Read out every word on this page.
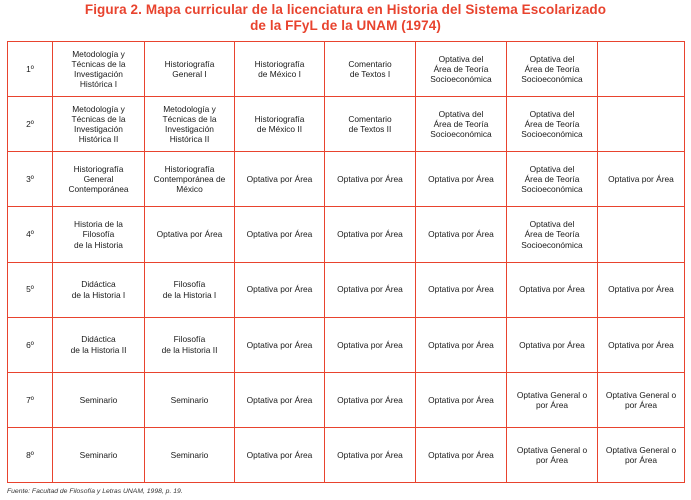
Figura 2. Mapa curricular de la licenciatura en Historia del Sistema Escolarizado
de la FFyL de la UNAM (1974)
1º	Metodología y
Técnicas de la
Investigación
Histórica I	Historiografía
General I	Historiografía
de México I	Comentario
de Textos I	Optativa del
Área de Teoría
Socioeconómica	Optativa del
Área de Teoría
Socioeconómica	
2º	Metodología y
Técnicas de la
Investigación
Histórica II	Metodología y
Técnicas de la
Investigación
Histórica II	Historiografía
de México II	Comentario
de Textos II	Optativa del
Área de Teoría
Socioeconómica	Optativa del
Área de Teoría
Socioeconómica	
3º	Historiografía
General
Contemporánea	Historiografía
Contemporánea de
México	Optativa por Área	Optativa por Área	Optativa por Área	Optativa del
Área de Teoría
Socioeconómica	Optativa por Área
4º	Historia de la
Filosofía
de la Historia	Optativa por Área	Optativa por Área	Optativa por Área	Optativa por Área	Optativa del
Área de Teoría
Socioeconómica	
5º	Didáctica
de la Historia I	Filosofía
de la Historia I	Optativa por Área	Optativa por Área	Optativa por Área	Optativa por Área	Optativa por Área
6º	Didáctica
de la Historia II	Filosofía
de la Historia II	Optativa por Área	Optativa por Área	Optativa por Área	Optativa por Área	Optativa por Área
7º	Seminario	Seminario	Optativa por Área	Optativa por Área	Optativa por Área	Optativa General o
por Área	Optativa General o
por Área
8º	Seminario	Seminario	Optativa por Área	Optativa por Área	Optativa por Área	Optativa General o
por Área	Optativa General o
por Área
Fuente: Facultad de Filosofía y Letras UNAM, 1998, p. 19.
